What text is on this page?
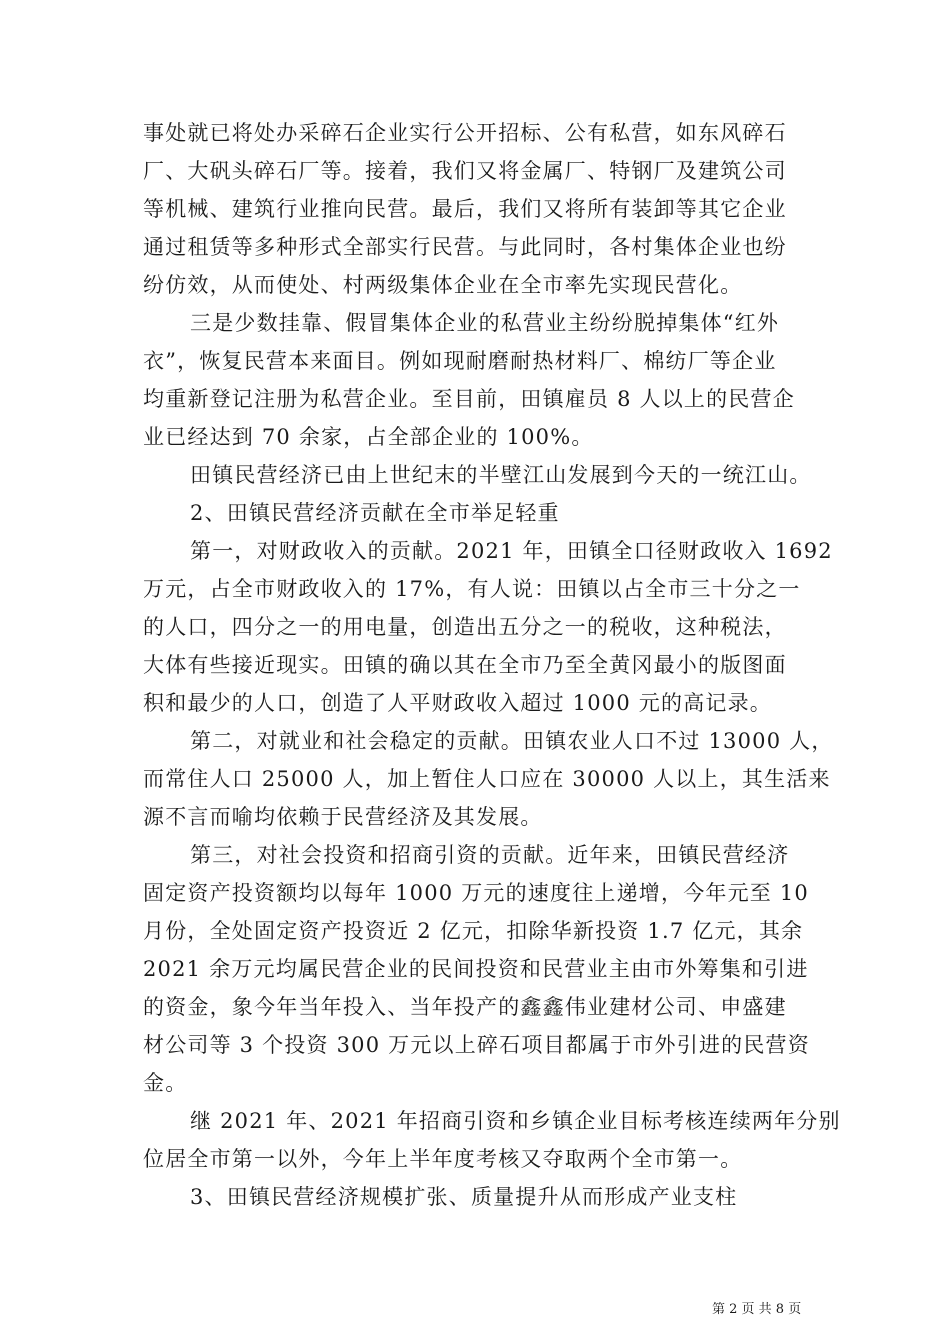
事处就已将处办采碎石企业实行公开招标、公有私营，如东风碎石
厂、大矾头碎石厂等。接着，我们又将金属厂、特钢厂及建筑公司
等机械、建筑行业推向民营。最后，我们又将所有装卸等其它企业
通过租赁等多种形式全部实行民营。与此同时，各村集体企业也纷
纷仿效，从而使处、村两级集体企业在全市率先实现民营化。
三是少数挂靠、假冒集体企业的私营业主纷纷脱掉集体“红外
衣”，恢复民营本来面目。例如现耐磨耐热材料厂、棉纺厂等企业
均重新登记注册为私营企业。至目前，田镇雇员 8 人以上的民营企
业已经达到 70 余家，占全部企业的 100%。
田镇民营经济已由上世纪末的半壁江山发展到今天的一统江山。
2、田镇民营经济贡献在全市举足轻重
第一，对财政收入的贡献。2021 年，田镇全口径财政收入 1692
万元，占全市财政收入的 17%，有人说：田镇以占全市三十分之一
的人口，四分之一的用电量，创造出五分之一的税收，这种税法，
大体有些接近现实。田镇的确以其在全市乃至全黄冈最小的版图面
积和最少的人口，创造了人平财政收入超过 1000 元的高记录。
第二，对就业和社会稳定的贡献。田镇农业人口不过 13000 人，
而常住人口 25000 人，加上暂住人口应在 30000 人以上，其生活来
源不言而喻均依赖于民营经济及其发展。
第三，对社会投资和招商引资的贡献。近年来，田镇民营经济
固定资产投资额均以每年 1000 万元的速度往上递增，今年元至 10
月份，全处固定资产投资近 2 亿元，扣除华新投资 1.7 亿元，其余
2021 余万元均属民营企业的民间投资和民营业主由市外筹集和引进
的资金，象今年当年投入、当年投产的鑫鑫伟业建材公司、申盛建
材公司等 3 个投资 300 万元以上碎石项目都属于市外引进的民营资
金。
继 2021 年、2021 年招商引资和乡镇企业目标考核连续两年分别
位居全市第一以外，今年上半年度考核又夺取两个全市第一。
3、田镇民营经济规模扩张、质量提升从而形成产业支柱
第 2 页 共 8 页
